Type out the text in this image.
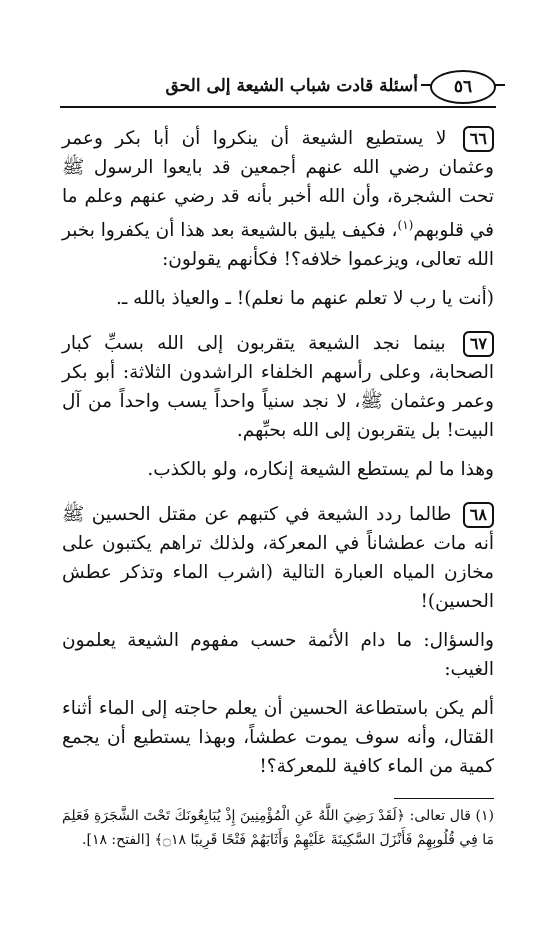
٥٦
أسئلة قادت شباب الشيعة إلى الحق

٦٦ لا يستطيع الشيعة أن ينكروا أن أبا بكر وعمر وعثمان رضي الله عنهم أجمعين قد بايعوا الرسول ﷺ تحت الشجرة، وأن الله أخبر بأنه قد رضي عنهم وعلم ما في قلوبهم$^{(١)}$، فكيف يليق بالشيعة بعد هذا أن يكفروا بخبر الله تعالى، ويزعموا خلافه؟! فكأنهم يقولون:

(أنت يا رب لا تعلم عنهم ما نعلم)! ـ والعياذ بالله ـ.

٦٧ بينما نجد الشيعة يتقربون إلى الله بسبِّ كبار الصحابة، وعلى رأسهم الخلفاء الراشدون الثلاثة: أبو بكر وعمر وعثمان ﷺ، لا نجد سنياً واحداً يسب واحداً من آل البيت! بل يتقربون إلى الله بحبِّهم.

وهذا ما لم يستطع الشيعة إنكاره، ولو بالكذب.

٦٨ طالما ردد الشيعة في كتبهم عن مقتل الحسين ﷺ أنه مات عطشاناً في المعركة، ولذلك تراهم يكتبون على مخازن المياه العبارة التالية (اشرب الماء وتذكر عطش الحسين)!

والسؤال: ما دام الأئمة حسب مفهوم الشيعة يعلمون الغيب:

ألم يكن باستطاعة الحسين أن يعلم حاجته إلى الماء أثناء القتال، وأنه سوف يموت عطشاً، وبهذا يستطيع أن يجمع كمية من الماء كافية للمعركة؟!

(١) قال تعالى: ﴿لَقَدْ رَضِيَ اللَّهُ عَنِ الْمُؤْمِنِينَ إِذْ يُبَايِعُونَكَ تَحْتَ الشَّجَرَةِ فَعَلِمَ مَا فِي قُلُوبِهِمْ فَأَنْزَلَ السَّكِينَةَ عَلَيْهِمْ وَأَثَابَهُمْ فَتْحًا قَرِيبًا ۝١٨﴾ [الفتح: ١٨].
